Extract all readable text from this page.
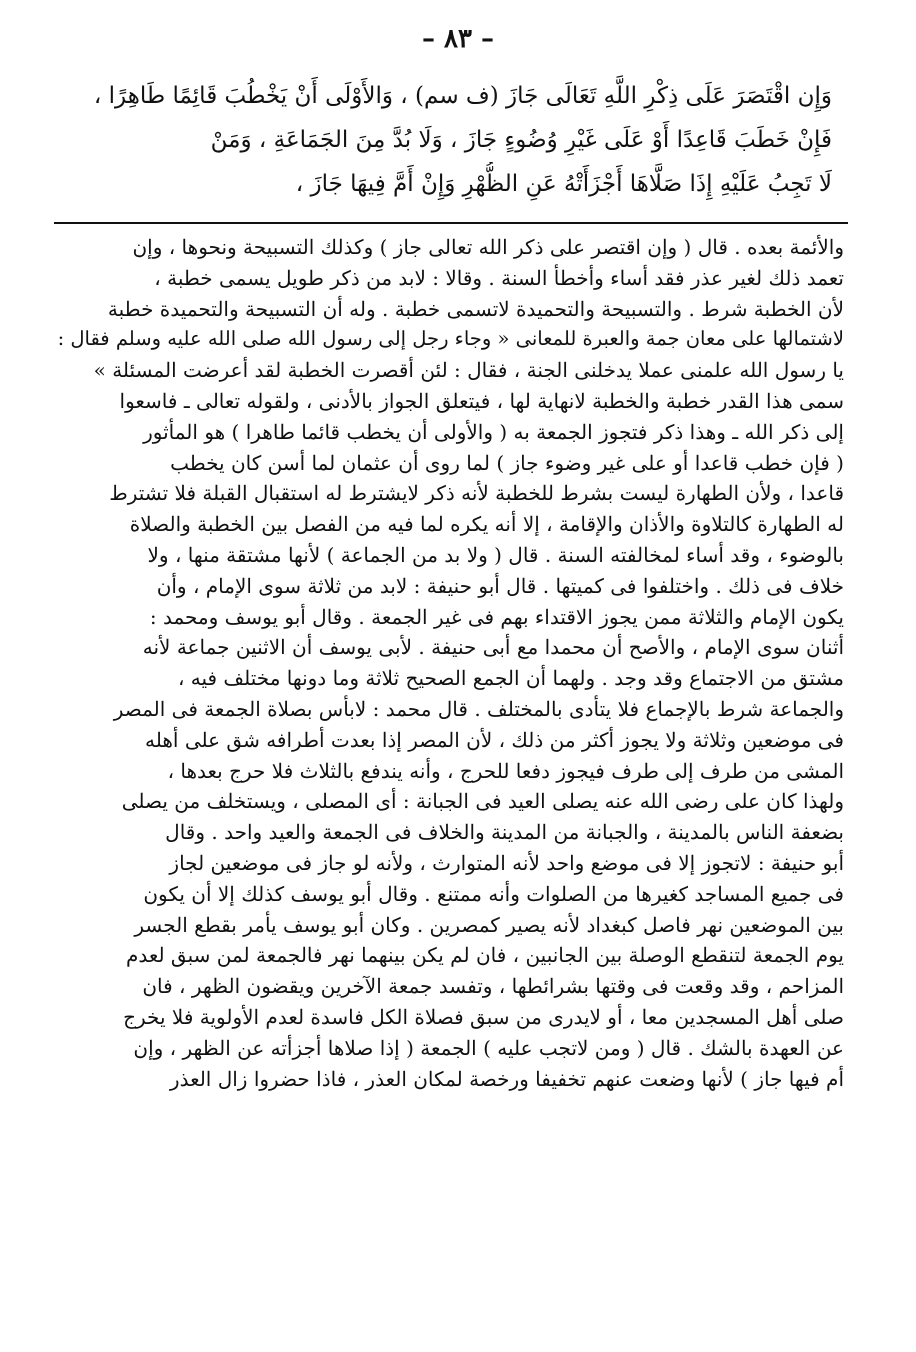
– ٨٣ –
وَإِن اقْتَصَرَ عَلَى ذِكْرِ اللَّهِ تَعَالَى جَازَ (ف سم) ، وَالأَوْلَى أَنْ يَخْطُبَ قَائِمًا طَاهِرًا ،
فَإِنْ خَطَبَ قَاعِدًا أَوْ عَلَى غَيْرِ وُضُوءٍ جَازَ ، وَلَا بُدَّ مِنَ الجَمَاعَةِ ، وَمَنْ
لَا تَجِبُ عَلَيْهِ إِذَا صَلَّاهَا أَجْزَأَتْهُ عَنِ الظُّهْرِ وَإِنْ أَمَّ فِيهَا جَازَ ،
والأئمة بعده . قال ( وإن اقتصر على ذكر الله تعالى جاز ) وكذلك التسبيحة ونحوها ، وإن
تعمد ذلك لغير عذر فقد أساء وأخطأ السنة . وقالا : لابد من ذكر طويل يسمى خطبة ،
لأن الخطبة شرط . والتسبيحة والتحميدة لاتسمى خطبة . وله أن التسبيحة والتحميدة خطبة
لاشتمالها على معان جمة والعبرة للمعانى « وجاء رجل إلى رسول الله صلى الله عليه وسلم فقال :
يا رسول الله علمنى عملا يدخلنى الجنة ، فقال : لئن أقصرت الخطبة لقد أعرضت المسئلة »
سمى هذا القدر خطبة والخطبة لانهاية لها ، فيتعلق الجواز بالأدنى ، ولقوله تعالى ـ فاسعوا
إلى ذكر الله ـ وهذا ذكر فتجوز الجمعة به ( والأولى أن يخطب قائما طاهرا ) هو المأثور
( فإن خطب قاعدا أو على غير وضوء جاز ) لما روى أن عثمان لما أسن كان يخطب
قاعدا ، ولأن الطهارة ليست بشرط للخطبة لأنه ذكر لايشترط له استقبال القبلة فلا تشترط
له الطهارة كالتلاوة والأذان والإقامة ، إلا أنه يكره لما فيه من الفصل بين الخطبة والصلاة
بالوضوء ، وقد أساء لمخالفته السنة . قال ( ولا بد من الجماعة ) لأنها مشتقة منها ، ولا
خلاف فى ذلك . واختلفوا فى كميتها . قال أبو حنيفة : لابد من ثلاثة سوى الإمام ، وأن
يكون الإمام والثلاثة ممن يجوز الاقتداء بهم فى غير الجمعة . وقال أبو يوسف ومحمد :
أثنان سوى الإمام ، والأصح أن محمدا مع أبى حنيفة . لأبى يوسف أن الاثنين جماعة لأنه
مشتق من الاجتماع وقد وجد . ولهما أن الجمع الصحيح ثلاثة وما دونها مختلف فيه ،
والجماعة شرط بالإجماع فلا يتأدى بالمختلف . قال محمد : لابأس بصلاة الجمعة فى المصر
فى موضعين وثلاثة ولا يجوز أكثر من ذلك ، لأن المصر إذا بعدت أطرافه شق على أهله
المشى من طرف إلى طرف فيجوز دفعا للحرج ، وأنه يندفع بالثلاث فلا حرج بعدها ،
ولهذا كان على رضى الله عنه يصلى العيد فى الجبانة : أى المصلى ، ويستخلف من يصلى
بضعفة الناس بالمدينة ، والجبانة من المدينة والخلاف فى الجمعة والعيد واحد . وقال
أبو حنيفة : لاتجوز إلا فى موضع واحد لأنه المتوارث ، ولأنه لو جاز فى موضعين لجاز
فى جميع المساجد كغيرها من الصلوات وأنه ممتنع . وقال أبو يوسف كذلك إلا أن يكون
بين الموضعين نهر فاصل كبغداد لأنه يصير كمصرين . وكان أبو يوسف يأمر بقطع الجسر
يوم الجمعة لتنقطع الوصلة بين الجانبين ، فان لم يكن بينهما نهر فالجمعة لمن سبق لعدم
المزاحم ، وقد وقعت فى وقتها بشرائطها ، وتفسد جمعة الآخرين ويقضون الظهر ، فان
صلى أهل المسجدين معا ، أو لايدرى من سبق فصلاة الكل فاسدة لعدم الأولوية فلا يخرج
عن العهدة بالشك . قال ( ومن لاتجب عليه ) الجمعة ( إذا صلاها أجزأته عن الظهر ، وإن
أم فيها جاز ) لأنها وضعت عنهم تخفيفا ورخصة لمكان العذر ، فاذا حضروا زال العذر
